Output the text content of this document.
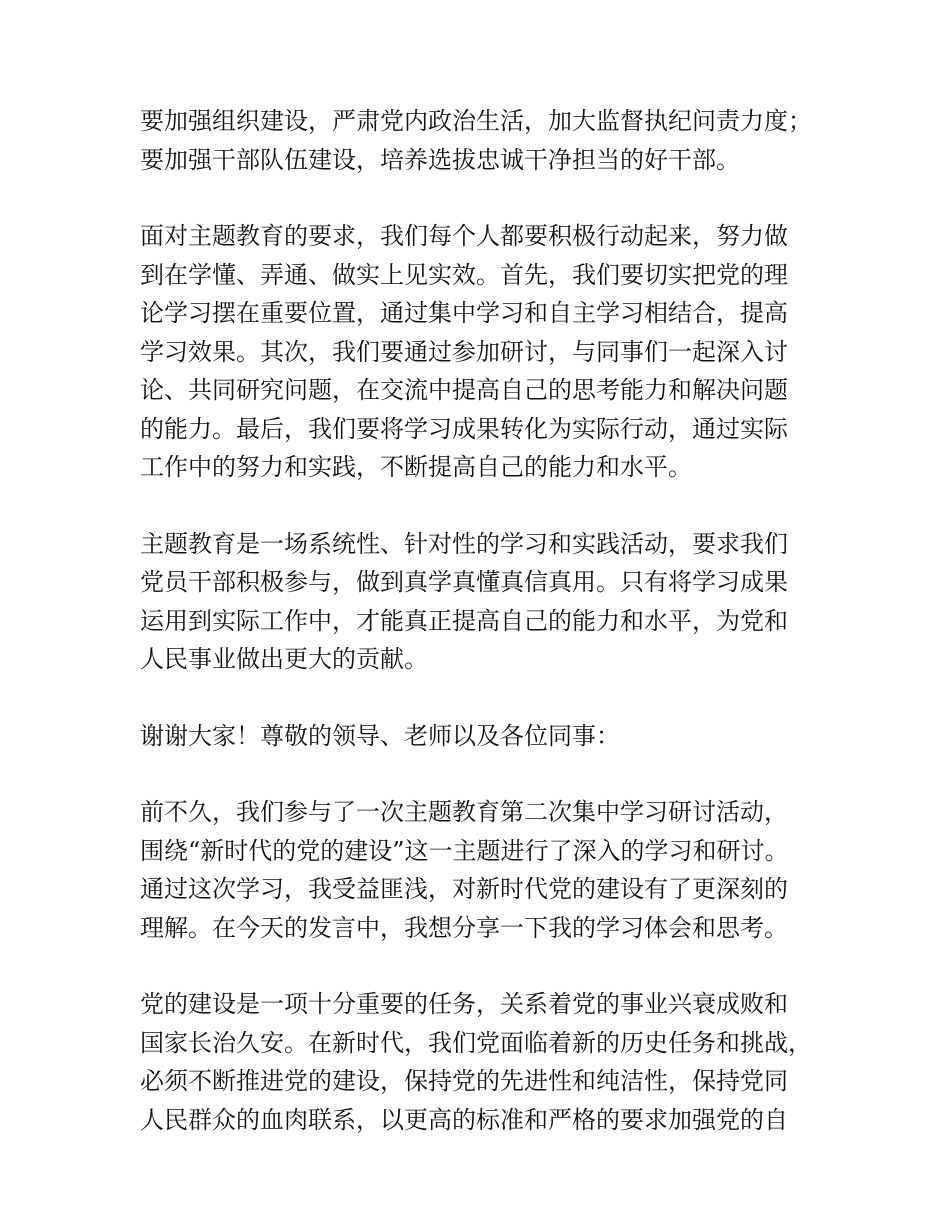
要加强组织建设，严肃党内政治生活，加大监督执纪问责力度；
要加强干部队伍建设，培养选拔忠诚干净担当的好干部。

面对主题教育的要求，我们每个人都要积极行动起来，努力做
到在学懂、弄通、做实上见实效。首先，我们要切实把党的理
论学习摆在重要位置，通过集中学习和自主学习相结合，提高
学习效果。其次，我们要通过参加研讨，与同事们一起深入讨
论、共同研究问题，在交流中提高自己的思考能力和解决问题
的能力。最后，我们要将学习成果转化为实际行动，通过实际
工作中的努力和实践，不断提高自己的能力和水平。

主题教育是一场系统性、针对性的学习和实践活动，要求我们
党员干部积极参与，做到真学真懂真信真用。只有将学习成果
运用到实际工作中，才能真正提高自己的能力和水平，为党和
人民事业做出更大的贡献。

谢谢大家！尊敬的领导、老师以及各位同事：

前不久，我们参与了一次主题教育第二次集中学习研讨活动，
围绕“新时代的党的建设”这一主题进行了深入的学习和研讨。
通过这次学习，我受益匪浅，对新时代党的建设有了更深刻的
理解。在今天的发言中，我想分享一下我的学习体会和思考。

党的建设是一项十分重要的任务，关系着党的事业兴衰成败和
国家长治久安。在新时代，我们党面临着新的历史任务和挑战，
必须不断推进党的建设，保持党的先进性和纯洁性，保持党同
人民群众的血肉联系，以更高的标准和严格的要求加强党的自
